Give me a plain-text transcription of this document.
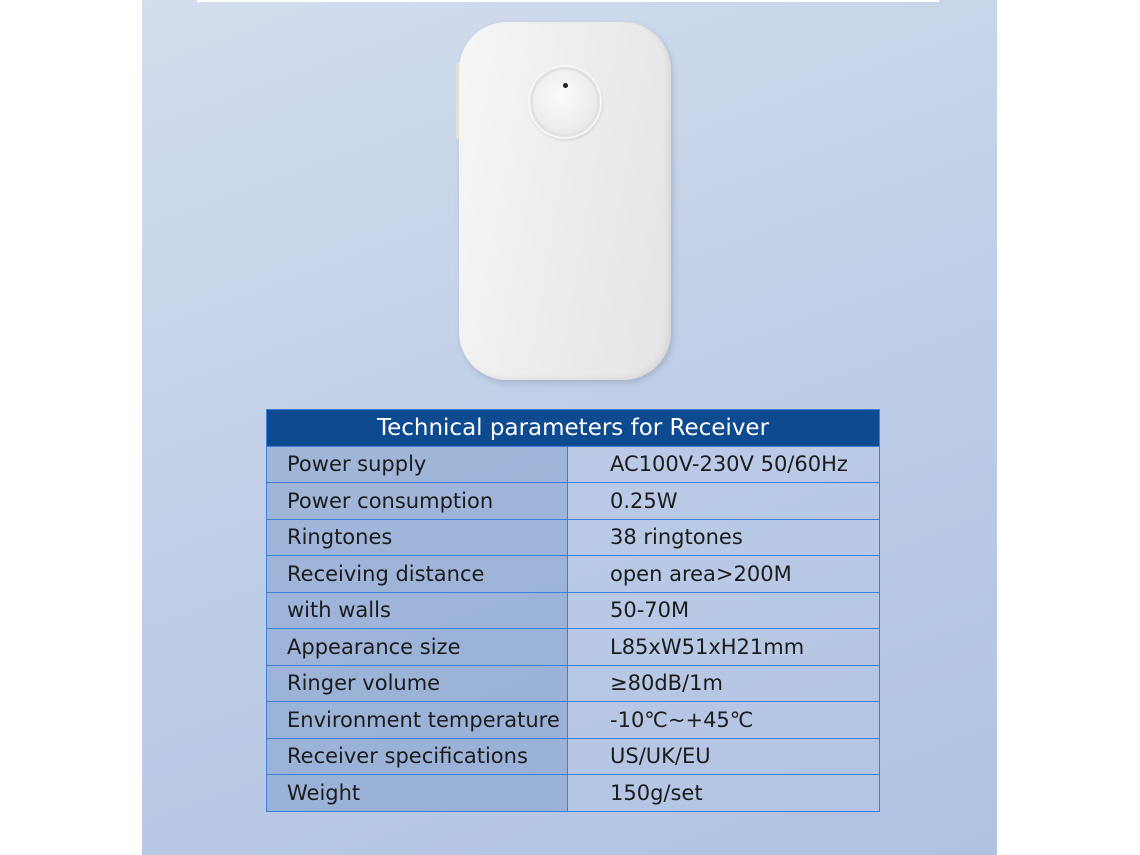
Technical parameters for Receiver	
Power supply	AC100V-230V 50/60Hz
Power consumption	0.25W
Ringtones	38 ringtones
Receiving distance	open area>200M
with walls	50-70M
Appearance size	L85xW51xH21mm
Ringer volume	≥80dB/1m
Environment temperature	-10℃~+45℃
Receiver specifications	US/UK/EU
Weight	150g/set
